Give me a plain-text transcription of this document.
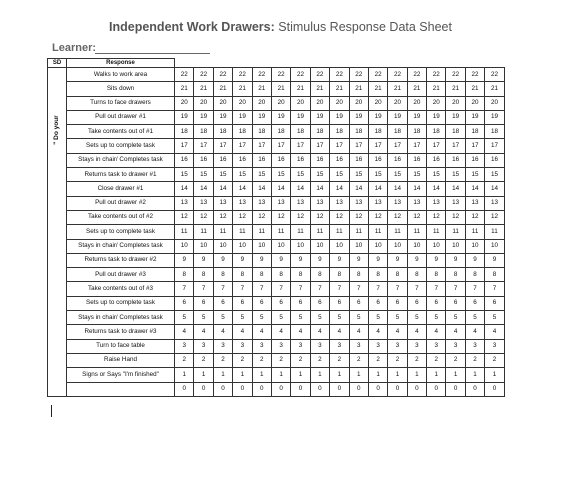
Independent Work Drawers: Stimulus Response Data Sheet
Learner:
SD	Response																	

" Do your	Walks to work area	22	22	22	22	22	22	22	22	22	22	22	22	22	22	22	22	22
	Sits down	21	21	21	21	21	21	21	21	21	21	21	21	21	21	21	21	21
	Turns to face drawers	20	20	20	20	20	20	20	20	20	20	20	20	20	20	20	20	20
	Pull out drawer #1	19	19	19	19	19	19	19	19	19	19	19	19	19	19	19	19	19
	Take contents out of #1	18	18	18	18	18	18	18	18	18	18	18	18	18	18	18	18	18
	Sets up to complete task	17	17	17	17	17	17	17	17	17	17	17	17	17	17	17	17	17
	Stays in chair/ Completes task	16	16	16	16	16	16	16	16	16	16	16	16	16	16	16	16	16
	Returns task to drawer #1	15	15	15	15	15	15	15	15	15	15	15	15	15	15	15	15	15
	Close drawer #1	14	14	14	14	14	14	14	14	14	14	14	14	14	14	14	14	14
	Pull out drawer #2	13	13	13	13	13	13	13	13	13	13	13	13	13	13	13	13	13
	Take contents out of #2	12	12	12	12	12	12	12	12	12	12	12	12	12	12	12	12	12
	Sets up to complete task	11	11	11	11	11	11	11	11	11	11	11	11	11	11	11	11	11
	Stays in chair/ Completes task	10	10	10	10	10	10	10	10	10	10	10	10	10	10	10	10	10
	Returns task to drawer #2	9	9	9	9	9	9	9	9	9	9	9	9	9	9	9	9	9
	Pull out drawer #3	8	8	8	8	8	8	8	8	8	8	8	8	8	8	8	8	8
	Take contents out of #3	7	7	7	7	7	7	7	7	7	7	7	7	7	7	7	7	7
	Sets up to complete task	6	6	6	6	6	6	6	6	6	6	6	6	6	6	6	6	6
	Stays in chair/ Completes task	5	5	5	5	5	5	5	5	5	5	5	5	5	5	5	5	5
	Returns task to drawer #3	4	4	4	4	4	4	4	4	4	4	4	4	4	4	4	4	4
	Turn to face table	3	3	3	3	3	3	3	3	3	3	3	3	3	3	3	3	3
	Raise Hand	2	2	2	2	2	2	2	2	2	2	2	2	2	2	2	2	2
	Signs or Says "I'm finished"	1	1	1	1	1	1	1	1	1	1	1	1	1	1	1	1	1
		0	0	0	0	0	0	0	0	0	0	0	0	0	0	0	0	0
